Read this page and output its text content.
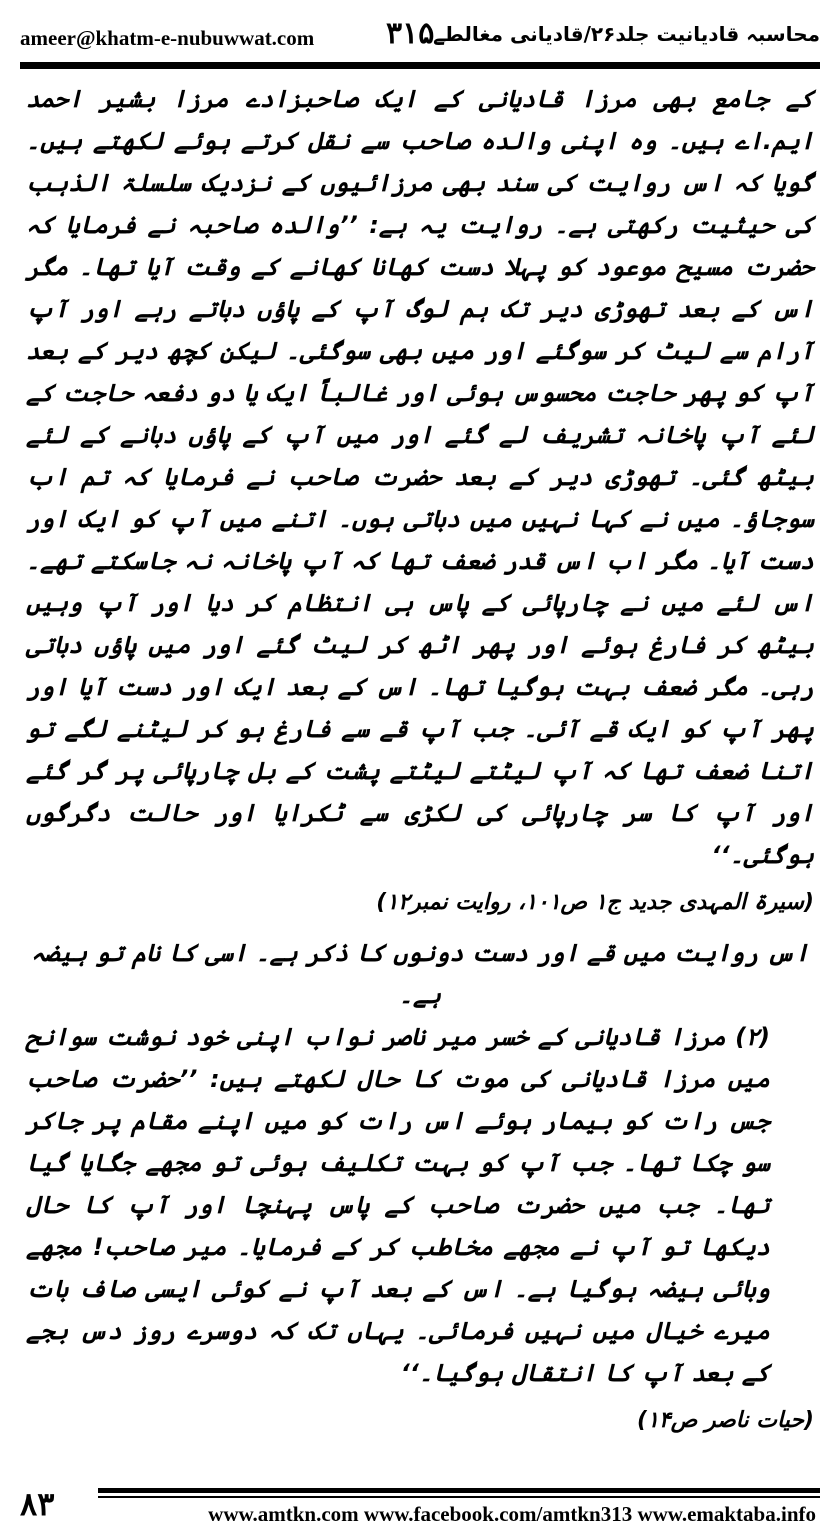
ameer@khatm-e-nubuwwat.com ۳۱۵
محاسبہ قادیانیت جلد۲۶/قادیانی مغالطے

کے جامع بھی مرزا قادیانی کے ایک صاحبزادے مرزا بشیر احمد ایم.اے ہیں۔ وہ اپنی والدہ صاحب سے نقل کرتے ہوئے لکھتے ہیں۔ گویا کہ اس روایت کی سند بھی مرزائیوں کے نزدیک سلسلۃ الذہب کی حیثیت رکھتی ہے۔ روایت یہ ہے: ’’والدہ صاحبہ نے فرمایا کہ حضرت مسیح موعود کو پہلا دست کھانا کھانے کے وقت آیا تھا۔ مگر اس کے بعد تھوڑی دیر تک ہم لوگ آپ کے پاؤں دباتے رہے اور آپ آرام سے لیٹ کر سوگئے اور میں بھی سوگئی۔ لیکن کچھ دیر کے بعد آپ کو پھر حاجت محسوس ہوئی اور غالباً ایک یا دو دفعہ حاجت کے لئے آپ پاخانہ تشریف لے گئے اور میں آپ کے پاؤں دبانے کے لئے بیٹھ گئی۔ تھوڑی دیر کے بعد حضرت صاحب نے فرمایا کہ تم اب سوجاؤ۔ میں نے کہا نہیں میں دباتی ہوں۔ اتنے میں آپ کو ایک اور دست آیا۔ مگر اب اس قدر ضعف تھا کہ آپ پاخانہ نہ جاسکتے تھے۔ اس لئے میں نے چارپائی کے پاس ہی انتظام کر دیا اور آپ وہیں بیٹھ کر فارغ ہوئے اور پھر اٹھ کر لیٹ گئے اور میں پاؤں دباتی رہی۔ مگر ضعف بہت ہوگیا تھا۔ اس کے بعد ایک اور دست آیا اور پھر آپ کو ایک قے آئی۔ جب آپ قے سے فارغ ہو کر لیٹنے لگے تو اتنا ضعف تھا کہ آپ لیٹتے لیٹتے پشت کے بل چارپائی پر گر گئے اور آپ کا سر چارپائی کی لکڑی سے ٹکرایا اور حالت دگرگوں ہوگئی۔‘‘

(سیرۃ المہدی جدید ج۱ ص۱۰۱، روایت نمبر۱۲)

اس روایت میں قے اور دست دونوں کا ذکر ہے۔ اسی کا نام تو ہیضہ ہے۔

(۲) مرزا قادیانی کے خسر میر ناصر نواب اپنی خود نوشت سوانح میں مرزا قادیانی کی موت کا حال لکھتے ہیں: ’’حضرت صاحب جس رات کو بیمار ہوئے اس رات کو میں اپنے مقام پر جاکر سو چکا تھا۔ جب آپ کو بہت تکلیف ہوئی تو مجھے جگایا گیا تھا۔ جب میں حضرت صاحب کے پاس پہنچا اور آپ کا حال دیکھا تو آپ نے مجھے مخاطب کر کے فرمایا۔ میر صاحب! مجھے وبائی ہیضہ ہوگیا ہے۔ اس کے بعد آپ نے کوئی ایسی صاف بات میرے خیال میں نہیں فرمائی۔ یہاں تک کہ دوسرے روز دس بجے کے بعد آپ کا انتقال ہوگیا۔‘‘

(حیات ناصر ص۱۴)

۸۳	www.amtkn.com www.facebook.com/amtkn313 www.emaktaba.info
